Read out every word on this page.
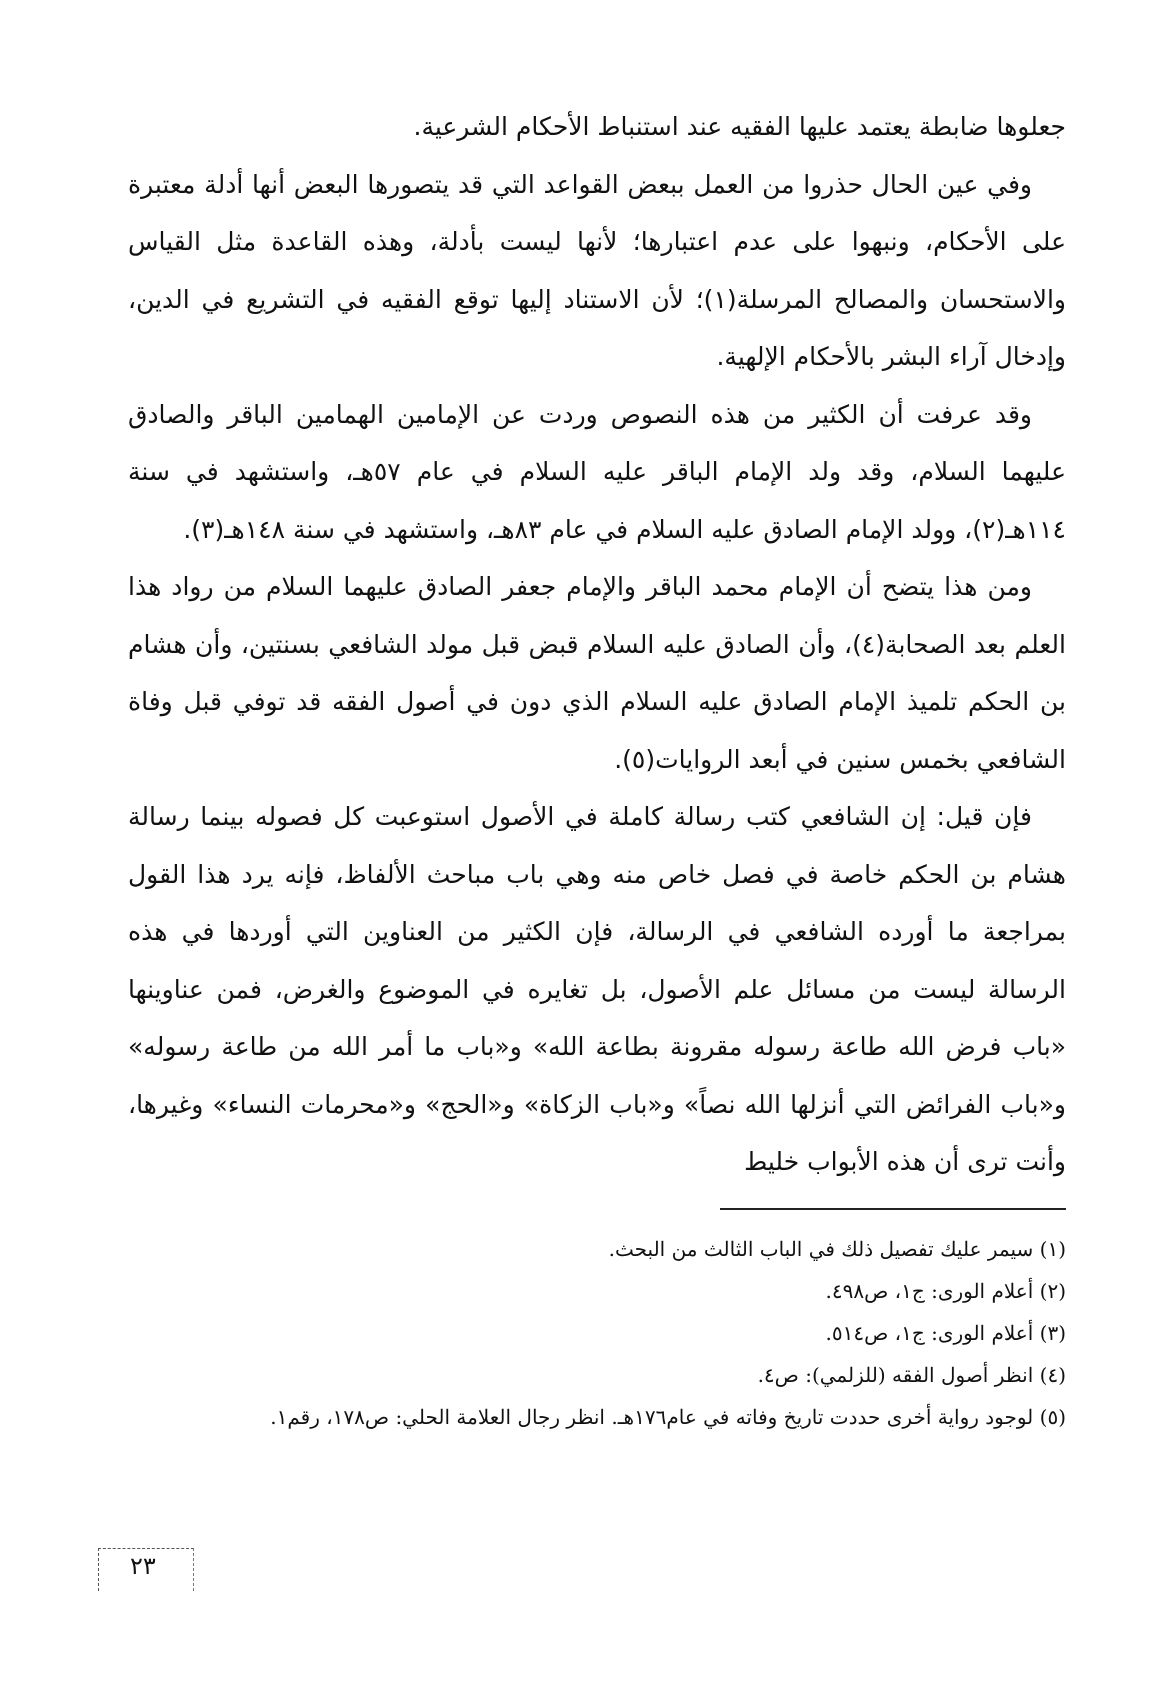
جعلوها ضابطة يعتمد عليها الفقيه عند استنباط الأحكام الشرعية.

وفي عين الحال حذروا من العمل ببعض القواعد التي قد يتصورها البعض أنها أدلة معتبرة على الأحكام، ونبهوا على عدم اعتبارها؛ لأنها ليست بأدلة، وهذه القاعدة مثل القياس والاستحسان والمصالح المرسلة(١)؛ لأن الاستناد إليها توقع الفقيه في التشريع في الدين، وإدخال آراء البشر بالأحكام الإلهية.

وقد عرفت أن الكثير من هذه النصوص وردت عن الإمامين الهمامين الباقر والصادق عليهما السلام، وقد ولد الإمام الباقر عليه السلام في عام ٥٧هـ، واستشهد في سنة ١١٤هـ(٢)، وولد الإمام الصادق عليه السلام في عام ٨٣هـ، واستشهد في سنة ١٤٨هـ(٣).

ومن هذا يتضح أن الإمام محمد الباقر والإمام جعفر الصادق عليهما السلام من رواد هذا العلم بعد الصحابة(٤)، وأن الصادق عليه السلام قبض قبل مولد الشافعي بسنتين، وأن هشام بن الحكم تلميذ الإمام الصادق عليه السلام الذي دون في أصول الفقه قد توفي قبل وفاة الشافعي بخمس سنين في أبعد الروايات(٥).

فإن قيل: إن الشافعي كتب رسالة كاملة في الأصول استوعبت كل فصوله بينما رسالة هشام بن الحكم خاصة في فصل خاص منه وهي باب مباحث الألفاظ، فإنه يرد هذا القول بمراجعة ما أورده الشافعي في الرسالة، فإن الكثير من العناوين التي أوردها في هذه الرسالة ليست من مسائل علم الأصول، بل تغايره في الموضوع والغرض، فمن عناوينها «باب فرض الله طاعة رسوله مقرونة بطاعة الله» و«باب ما أمر الله من طاعة رسوله» و«باب الفرائض التي أنزلها الله نصاً» و«باب الزكاة» و«الحج» و«محرمات النساء» وغيرها، وأنت ترى أن هذه الأبواب خليط

(١) سيمر عليك تفصيل ذلك في الباب الثالث من البحث.

(٢) أعلام الورى: ج١، ص٤٩٨.

(٣) أعلام الورى: ج١، ص٥١٤.

(٤) انظر أصول الفقه (للزلمي): ص٤.

(٥) لوجود رواية أخرى حددت تاريخ وفاته في عام١٧٦هـ. انظر رجال العلامة الحلي: ص١٧٨، رقم١.

٢٣
